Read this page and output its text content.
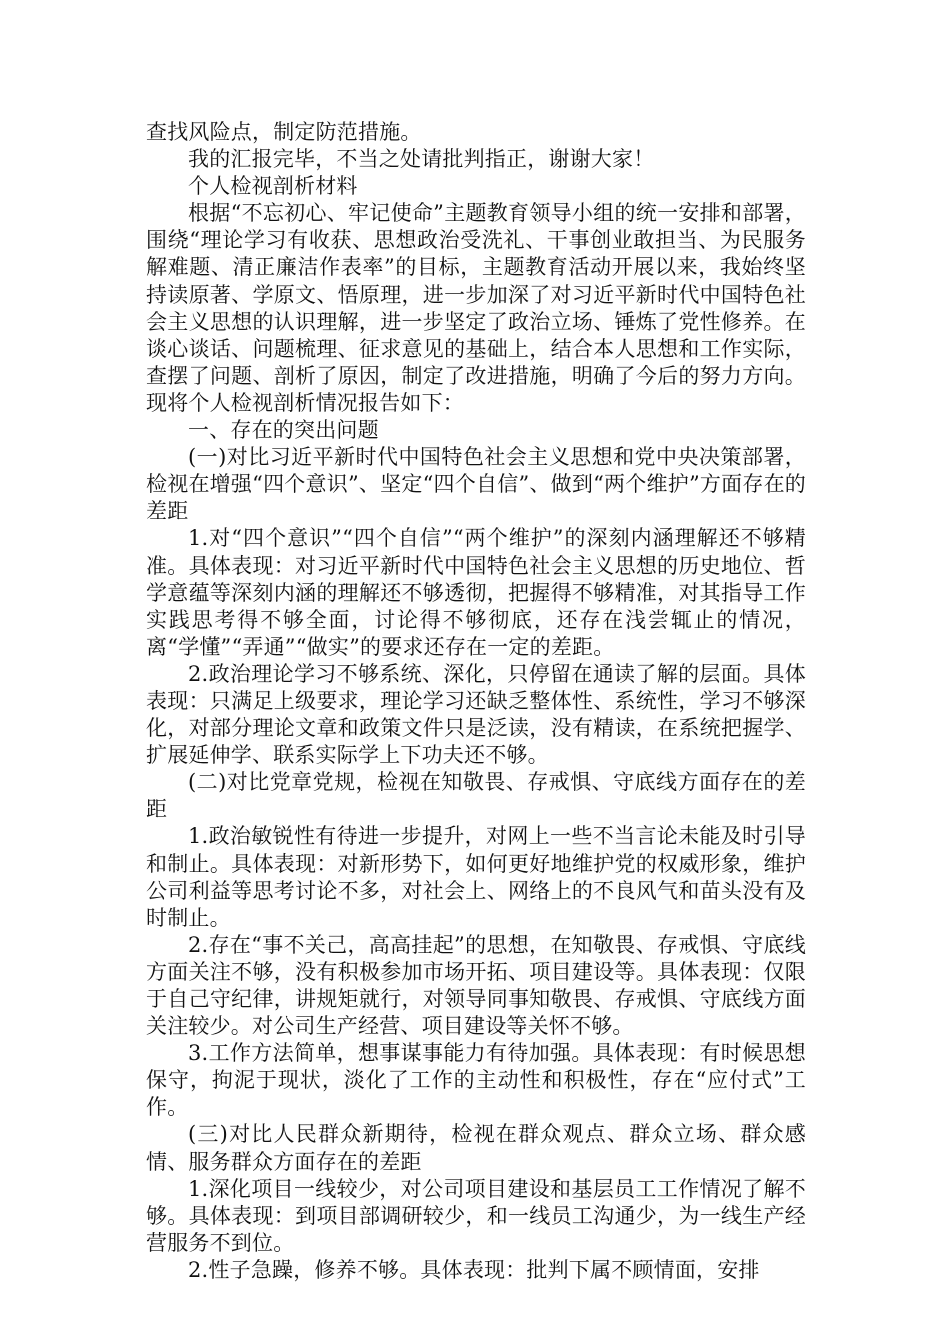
查找风险点，制定防范措施。

我的汇报完毕，不当之处请批判指正，谢谢大家！

个人检视剖析材料

根据“不忘初心、牢记使命”主题教育领导小组的统一安排和部署，围绕“理论学习有收获、思想政治受洗礼、干事创业敢担当、为民服务解难题、清正廉洁作表率”的目标，主题教育活动开展以来，我始终坚持读原著、学原文、悟原理，进一步加深了对习近平新时代中国特色社会主义思想的认识理解，进一步坚定了政治立场、锤炼了党性修养。在谈心谈话、问题梳理、征求意见的基础上，结合本人思想和工作实际，查摆了问题、剖析了原因，制定了改进措施，明确了今后的努力方向。现将个人检视剖析情况报告如下：

一、存在的突出问题

(一)对比习近平新时代中国特色社会主义思想和党中央决策部署，检视在增强“四个意识”、坚定“四个自信”、做到“两个维护”方面存在的差距

1.对“四个意识”“四个自信”“两个维护”的深刻内涵理解还不够精准。具体表现：对习近平新时代中国特色社会主义思想的历史地位、哲学意蕴等深刻内涵的理解还不够透彻，把握得不够精准，对其指导工作实践思考得不够全面，讨论得不够彻底，还存在浅尝辄止的情况，离“学懂”“弄通”“做实”的要求还存在一定的差距。

2.政治理论学习不够系统、深化，只停留在通读了解的层面。具体表现：只满足上级要求，理论学习还缺乏整体性、系统性，学习不够深化，对部分理论文章和政策文件只是泛读，没有精读，在系统把握学、扩展延伸学、联系实际学上下功夫还不够。

(二)对比党章党规，检视在知敬畏、存戒惧、守底线方面存在的差距

1.政治敏锐性有待进一步提升，对网上一些不当言论未能及时引导和制止。具体表现：对新形势下，如何更好地维护党的权威形象，维护公司利益等思考讨论不多，对社会上、网络上的不良风气和苗头没有及时制止。

2.存在“事不关己，高高挂起”的思想，在知敬畏、存戒惧、守底线方面关注不够，没有积极参加市场开拓、项目建设等。具体表现：仅限于自己守纪律，讲规矩就行，对领导同事知敬畏、存戒惧、守底线方面关注较少。对公司生产经营、项目建设等关怀不够。

3.工作方法简单，想事谋事能力有待加强。具体表现：有时候思想保守，拘泥于现状，淡化了工作的主动性和积极性，存在“应付式”工作。

(三)对比人民群众新期待，检视在群众观点、群众立场、群众感情、服务群众方面存在的差距

1.深化项目一线较少，对公司项目建设和基层员工工作情况了解不够。具体表现：到项目部调研较少，和一线员工沟通少，为一线生产经营服务不到位。

2.性子急躁，修养不够。具体表现：批判下属不顾情面，安排
